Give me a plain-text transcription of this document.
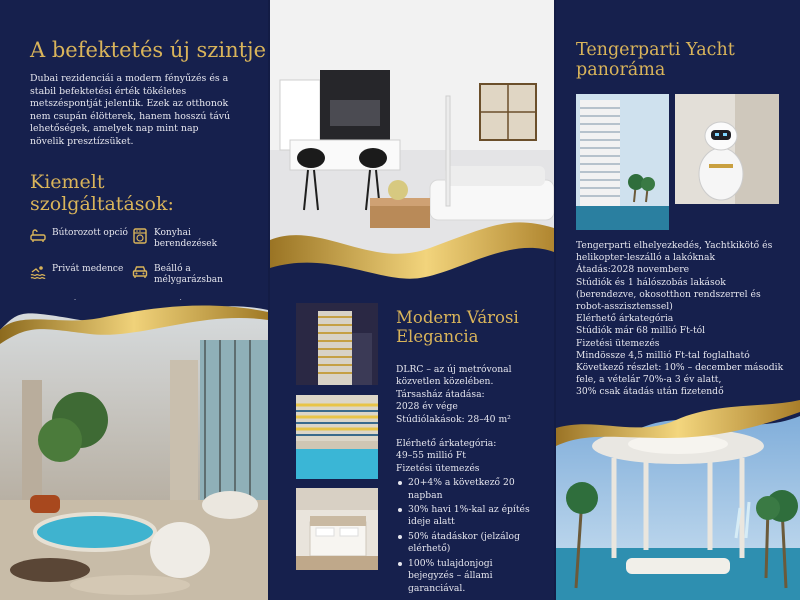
A befektetés új szintje

Dubai rezidenciái a modern fényűzés és a stabil befektetési érték tökéletes metszéspontját jelentik. Ezek az otthonok nem csupán élötterek, hanem hosszú távú lehetőségek, amelyek nap mint nap növelik presztízsüket.

Kiemelt
szolgáltatások:
Bútorozott opció	Konyhai berendezések
Privát medence	Beálló a mélygarázsban
Modern Városi
Elegancia
DLRC – az új metróvonal közvetlen közelében.
Társasház átadása:
2028 év vége
Stúdiólakások: 28–40 m²
Elérhető árkategória:
49–55 millió Ft
Fizetési ütemezés
20+4% a következő 20 napban
30% havi 1%-kal az építés ideje alatt
50% átadáskor (jelzálog elérhető)
100% tulajdonjogi bejegyzés – állami garanciával.
Tengerparti Yacht
panoráma
Tengerparti elhelyezkedés, Yachtkikötő és helikopter-leszálló a lakóknak
Átadás:2028 novembere
Stúdiók és 1 hálószobás lakások (berendezve, okosotthon rendszerrel és robot-asszisztenssel)
Elérhető árkategória
Stúdiók már 68 millió Ft-tól
Fizetési ütemezés
Mindössze 4,5 millió Ft-tal foglalható
Következő részlet: 10% – december második fele, a vételár 70%-a 3 év alatt,
30% csak átadás után fizetendő
